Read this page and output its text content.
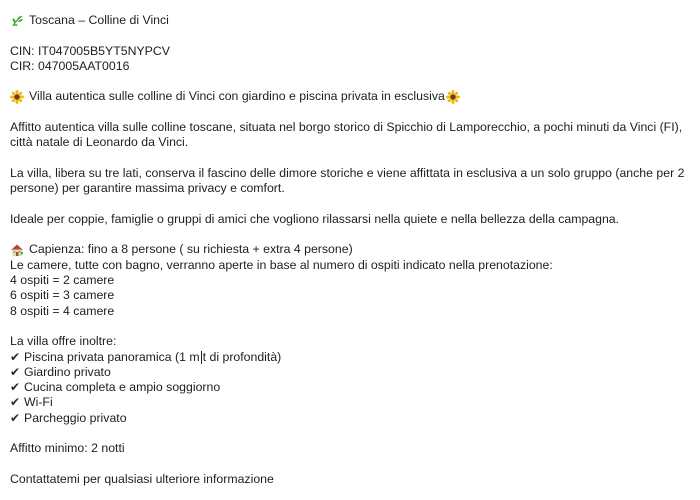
Toscana – Colline di Vinci
CIN: IT047005B5YT5NYPCV
CIR: 047005AAT0016
Villa autentica sulle colline di Vinci con giardino e piscina privata in esclusiva
Affitto autentica villa sulle colline toscane, situata nel borgo storico di Spicchio di Lamporecchio, a pochi minuti da Vinci (FI), città natale di Leonardo da Vinci.
La villa, libera su tre lati, conserva il fascino delle dimore storiche e viene affittata in esclusiva a un solo gruppo (anche per 2 persone) per garantire massima privacy e comfort.
Ideale per coppie, famiglie o gruppi di amici che vogliono rilassarsi nella quiete e nella bellezza della campagna.
Capienza: fino a 8 persone ( su richiesta + extra 4 persone)
Le camere, tutte con bagno, verranno aperte in base al numero di ospiti indicato nella prenotazione:
4 ospiti = 2 camere
6 ospiti = 3 camere
8 ospiti = 4 camere
La villa offre inoltre:
✔ Piscina privata panoramica (1 m t di profondità)
✔ Giardino privato
✔ Cucina completa e ampio soggiorno
✔ Wi-Fi
✔ Parcheggio privato
Affitto minimo: 2 notti
Contattatemi per qualsiasi ulteriore informazione
